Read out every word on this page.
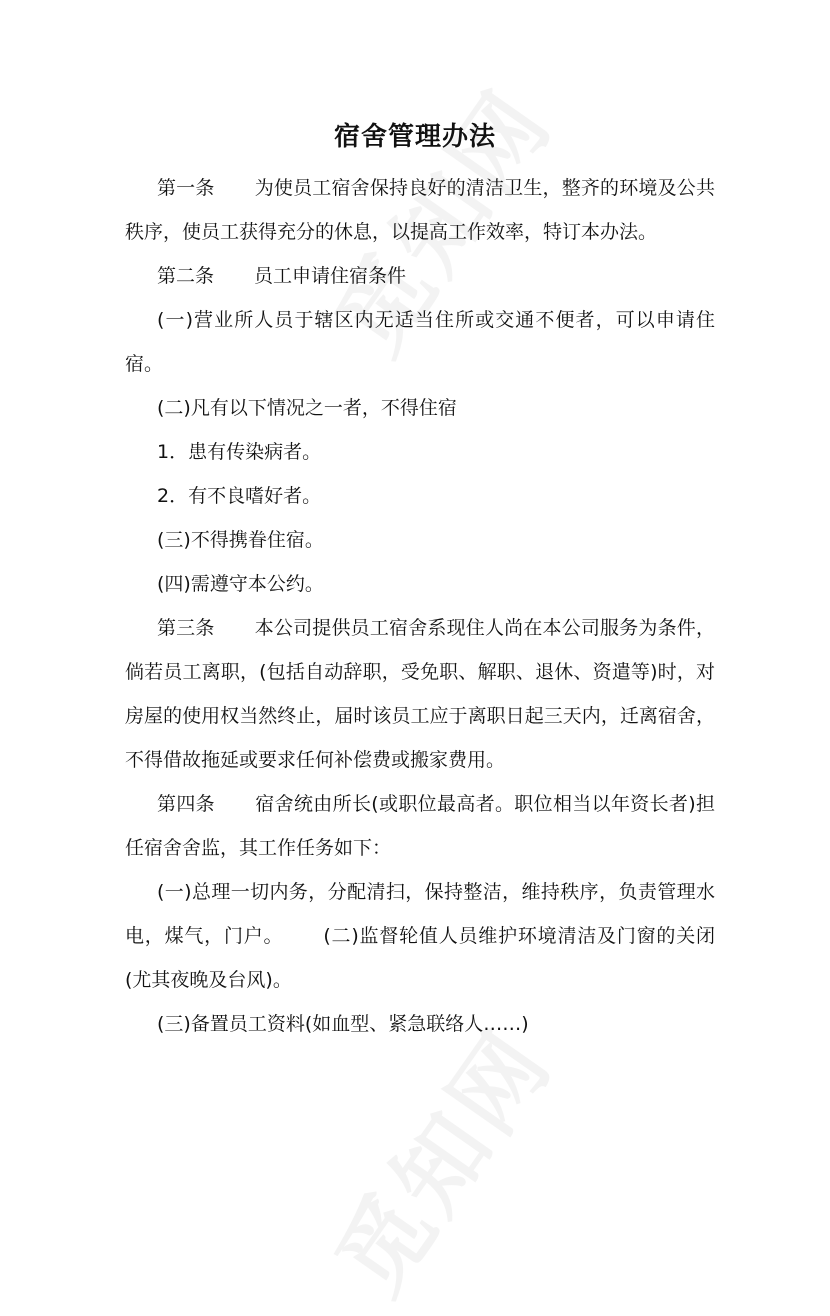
宿舍管理办法

第一条 为使员工宿舍保持良好的清洁卫生，整齐的环境及公共秩序，使员工获得充分的休息，以提高工作效率，特订本办法。

第二条 员工申请住宿条件

(一)营业所人员于辖区内无适当住所或交通不便者，可以申请住宿。

(二)凡有以下情况之一者，不得住宿

1．患有传染病者。

2．有不良嗜好者。

(三)不得携眷住宿。

(四)需遵守本公约。

第三条 本公司提供员工宿舍系现住人尚在本公司服务为条件，倘若员工离职，(包括自动辞职，受免职、解职、退休、资遣等)时，对房屋的使用权当然终止，届时该员工应于离职日起三天内，迁离宿舍，不得借故拖延或要求任何补偿费或搬家费用。

第四条 宿舍统由所长(或职位最高者。职位相当以年资长者)担任宿舍舍监，其工作任务如下：

(一)总理一切内务，分配清扫，保持整洁，维持秩序，负责管理水电，煤气，门户。 (二)监督轮值人员维护环境清洁及门窗的关闭(尤其夜晚及台风)。

(三)备置员工资料(如血型、紧急联络人……)
